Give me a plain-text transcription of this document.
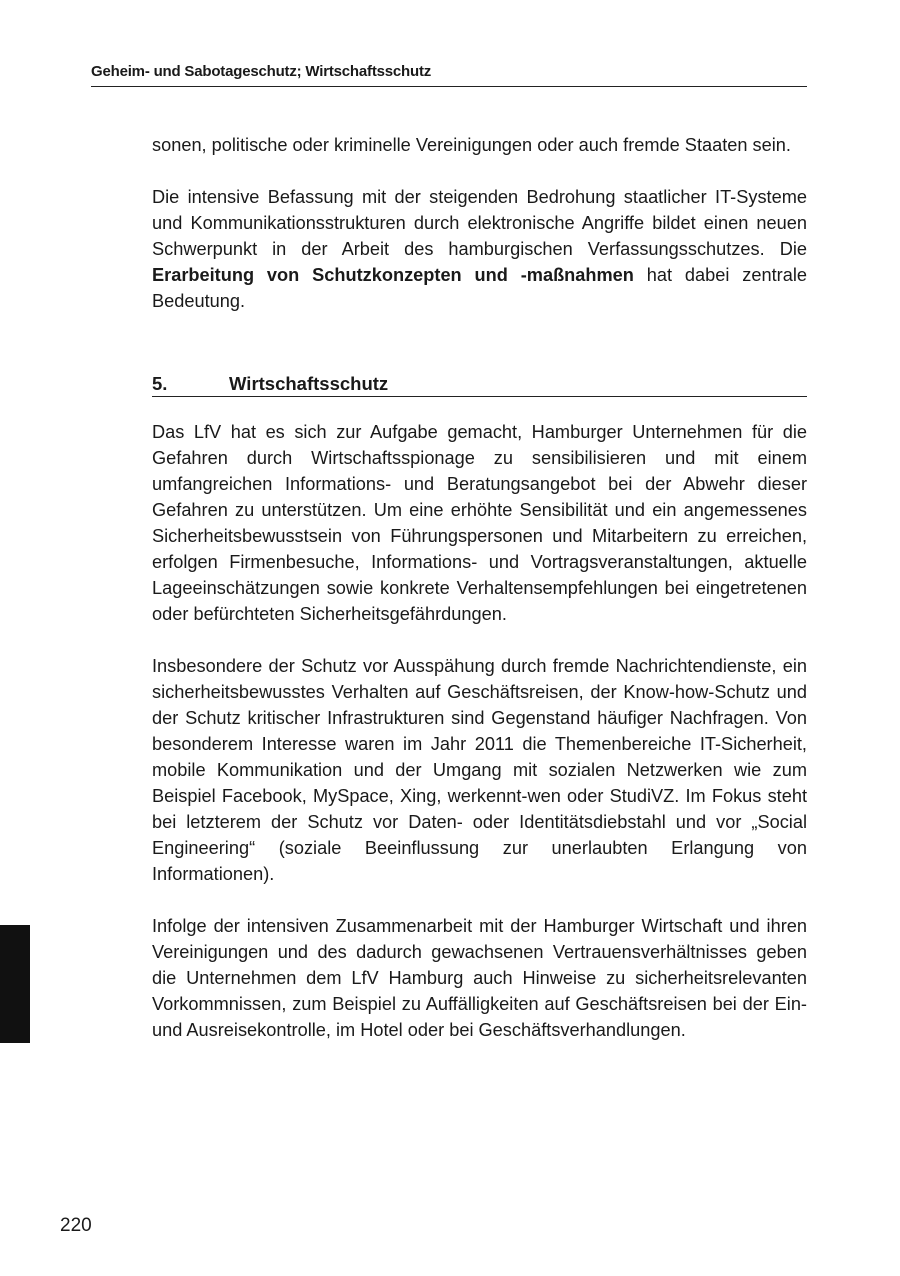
Geheim- und Sabotageschutz; Wirtschaftsschutz

sonen, politische oder kriminelle Vereinigungen oder auch fremde Staaten sein.

Die intensive Befassung mit der steigenden Bedrohung staatlicher IT-Systeme und Kommunikationsstrukturen durch elektronische Angriffe bildet einen neuen Schwerpunkt in der Arbeit des hamburgischen Verfassungsschutzes. Die Erarbeitung von Schutzkonzepten und -maßnahmen hat dabei zentrale Bedeutung.

5.	Wirtschaftsschutz

Das LfV hat es sich zur Aufgabe gemacht, Hamburger Unternehmen für die Gefahren durch Wirtschaftsspionage zu sensibilisieren und mit einem umfangreichen Informations- und Beratungsangebot bei der Abwehr dieser Gefahren zu unterstützen. Um eine erhöhte Sensibilität und ein angemessenes Sicherheitsbewusstsein von Führungspersonen und Mitarbeitern zu erreichen, erfolgen Firmenbesuche, Informations- und Vortragsveranstaltungen, aktuelle Lageeinschätzungen sowie konkrete Verhaltensempfehlungen bei eingetretenen oder befürchteten Sicherheitsgefährdungen.

Insbesondere der Schutz vor Ausspähung durch fremde Nachrichtendienste, ein sicherheitsbewusstes Verhalten auf Geschäftsreisen, der Know-how-Schutz und der Schutz kritischer Infrastrukturen sind Gegenstand häufiger Nachfragen. Von besonderem Interesse waren im Jahr 2011 die Themenbereiche IT-Sicherheit, mobile Kommunikation und der Umgang mit sozialen Netzwerken wie zum Beispiel Facebook, MySpace, Xing, werkennt-wen oder StudiVZ. Im Fokus steht bei letzterem der Schutz vor Daten- oder Identitätsdiebstahl und vor „Social Engineering“ (soziale Beeinflussung zur unerlaubten Erlangung von Informationen).

Infolge der intensiven Zusammenarbeit mit der Hamburger Wirtschaft und ihren Vereinigungen und des dadurch gewachsenen Vertrauensverhältnisses geben die Unternehmen dem LfV Hamburg auch Hinweise zu sicherheitsrelevanten Vorkommnissen, zum Beispiel zu Auffälligkeiten auf Geschäftsreisen bei der Ein- und Ausreisekontrolle, im Hotel oder bei Geschäftsverhandlungen.

220
